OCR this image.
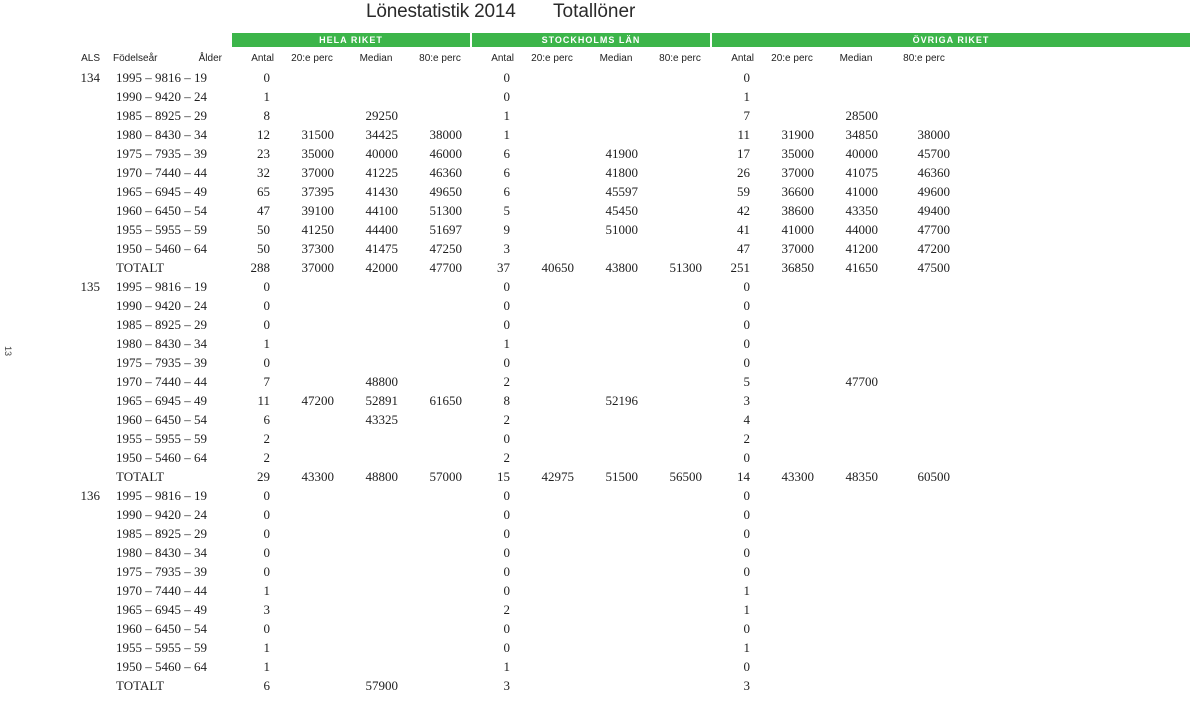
Lönestatistik 2014 Totallöner
13
HELA RIKET	STOCKHOLMS LÄN	ÖVRIGA RIKET
ALS	Födelseår	Ålder	Antal	20:e perc	Median	80:e perc	Antal	20:e perc	Median	80:e perc	Antal	20:e perc	Median	80:e perc
134	1995 – 98	16 – 19	0				0				0			
	1990 – 94	20 – 24	1				0				1			
	1985 – 89	25 – 29	8		29250		1				7		28500	
	1980 – 84	30 – 34	12	31500	34425	38000	1				11	31900	34850	38000
	1975 – 79	35 – 39	23	35000	40000	46000	6		41900		17	35000	40000	45700
	1970 – 74	40 – 44	32	37000	41225	46360	6		41800		26	37000	41075	46360
	1965 – 69	45 – 49	65	37395	41430	49650	6		45597		59	36600	41000	49600
	1960 – 64	50 – 54	47	39100	44100	51300	5		45450		42	38600	43350	49400
	1955 – 59	55 – 59	50	41250	44400	51697	9		51000		41	41000	44000	47700
	1950 – 54	60 – 64	50	37300	41475	47250	3				47	37000	41200	47200
	TOTALT		288	37000	42000	47700	37	40650	43800	51300	251	36850	41650	47500
135	1995 – 98	16 – 19	0				0				0			
	1990 – 94	20 – 24	0				0				0			
	1985 – 89	25 – 29	0				0				0			
	1980 – 84	30 – 34	1				1				0			
	1975 – 79	35 – 39	0				0				0			
	1970 – 74	40 – 44	7		48800		2				5		47700	
	1965 – 69	45 – 49	11	47200	52891	61650	8		52196		3			
	1960 – 64	50 – 54	6		43325		2				4			
	1955 – 59	55 – 59	2				0				2			
	1950 – 54	60 – 64	2				2				0			
	TOTALT		29	43300	48800	57000	15	42975	51500	56500	14	43300	48350	60500
136	1995 – 98	16 – 19	0				0				0			
	1990 – 94	20 – 24	0				0				0			
	1985 – 89	25 – 29	0				0				0			
	1980 – 84	30 – 34	0				0				0			
	1975 – 79	35 – 39	0				0				0			
	1970 – 74	40 – 44	1				0				1			
	1965 – 69	45 – 49	3				2				1			
	1960 – 64	50 – 54	0				0				0			
	1955 – 59	55 – 59	1				0				1			
	1950 – 54	60 – 64	1				1				0			
	TOTALT		6		57900		3				3			
